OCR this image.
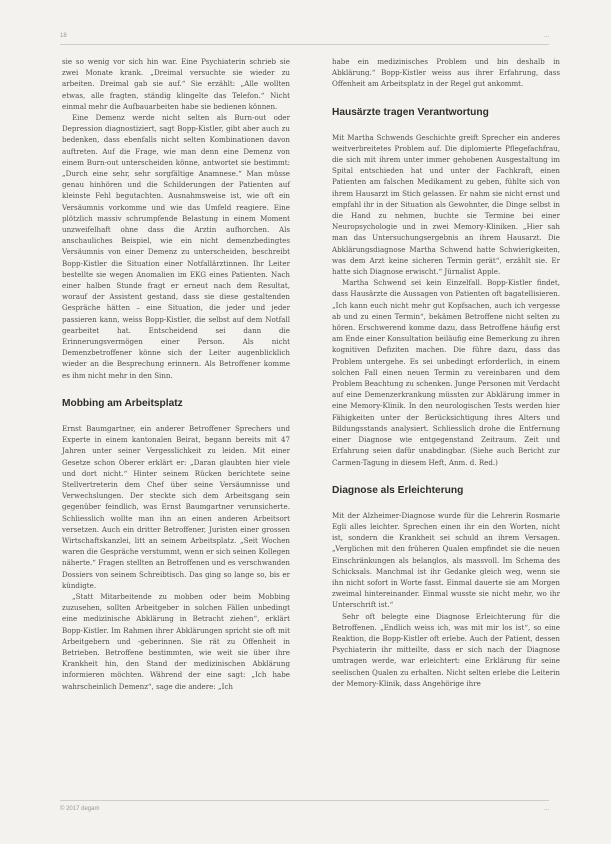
18	...

sie so wenig vor sich hin war. Eine Psychiaterin schrieb sie zwei Monate krank. „Dreimal versuchte sie wieder zu arbeiten. Dreimal gab sie auf.“ Sie erzählt: „Alle wollten etwas, alle fragten, ständig klingelte das Telefon.“ Nicht einmal mehr die Aufbauarbeiten habe sie bedienen können.

Eine Demenz werde nicht selten als Burn-out oder Depression diagnostiziert, sagt Bopp-Kistler, gibt aber auch zu bedenken, dass ebenfalls nicht selten Kombinationen davon auftreten. Auf die Frage, wie man denn eine Demenz von einem Burn-out unterscheiden könne, antwortet sie bestimmt: „Durch eine sehr, sehr sorgfältige Anamnese.“ Man müsse genau hinhören und die Schilderungen der Patienten auf kleinste Fehl begutachten. Ausnahmsweise ist, wie oft ein Versäumnis vorkomme und wie das Umfeld reagiere. Eine plötzlich massiv schrumpfende Belastung in einem Moment unzweifelhaft ohne dass die Arztin aufhorchen. Als anschauliches Beispiel, wie ein nicht demenzbedingtes Versäumnis von einer Demenz zu unterscheiden, beschreibt Bopp-Kistler die Situation einer Notfallärztinnen. Ihr Leiter bestellte sie wegen Anomalien im EKG eines Patienten. Nach einer halben Stunde fragt er erneut nach dem Resultat, worauf der Assistent gestand, dass sie diese gestaltenden Gespräche hätten – eine Situation, die jeder und jeder passieren kann, weiss Bopp-Kistler, die selbst auf dem Notfall gearbeitet hat. Entscheidend sei dann die Erinnerungsvermögen einer Person. Als nicht Demenzbetroffener könne sich der Leiter augenblicklich wieder an die Besprechung erinnern. Als Betroffener komme es ihm nicht mehr in den Sinn.

Mobbing am Arbeitsplatz

Ernst Baumgartner, ein anderer Betroffener Sprechers und Experte in einem kantonalen Beirat, begann bereits mit 47 Jahren unter seiner Vergesslichkeit zu leiden. Mit einer Gesetze schon Oberer erklärt er: „Daran glaubten hier viele und dort nicht.“ Hinter seinem Rücken berichtete seine Stellvertreterin dem Chef über seine Versäumnisse und Verwechslungen. Der steckte sich dem Arbeitsgang sein gegenüber feindlich, was Ernst Baumgartner verunsicherte. Schliesslich wollte man ihn an einen anderen Arbeitsort versetzen. Auch ein dritter Betroffener, Juristen einer grossen Wirtschaftskanzlei, litt an seinem Arbeitsplatz. „Seit Wochen waren die Gespräche verstummt, wenn er sich seinen Kollegen näherte.“ Fragen stellten an Betroffenen und es verschwanden Dossiers von seinem Schreibtisch. Das ging so lange so, bis er kündigte.

„Statt Mitarbeitende zu mobben oder beim Mobbing zuzusehen, sollten Arbeitgeber in solchen Fällen unbedingt eine medizinische Abklärung in Betracht ziehen“, erklärt Bopp-Kistler. Im Rahmen ihrer Abklärungen spricht sie oft mit Arbeitgebern und -geberinnen. Sie rät zu Offenheit in Betrieben. Betroffene bestimmten, wie weit sie über ihre Krankheit hin, den Stand der medizinischen Abklärung informieren möchten. Während der eine sagt: „Ich habe wahrscheinlich Demenz“, sage die andere: „Ich

habe ein medizinisches Problem und bin deshalb in Abklärung.“ Bopp-Kistler weiss aus ihrer Erfahrung, dass Offenheit am Arbeitsplatz in der Regel gut ankommt.

Hausärzte tragen Verantwortung

Mit Martha Schwends Geschichte greift Sprecher ein anderes weitverbreitetes Problem auf. Die diplomierte Pflegefachfrau, die sich mit ihrem unter immer gehobenen Ausgestaltung im Spital entschieden hat und unter der Fachkraft, einen Patienten am falschen Medikament zu geben, fühlte sich von ihrem Hausarzt im Stich gelassen. Er nahm sie nicht ernst und empfahl ihr in der Situation als Gewohnter, die Dinge selbst in die Hand zu nehmen, buchte sie Termine bei einer Neuropsychologie und in zwei Memory-Kliniken. „Hier sah man das Untersuchungsergebnis an ihrem Hausarzt. Die Abklärungsdiagnose Martha Schwend hatte Schwierigkeiten, was dem Arzt keine sicheren Termin gerät“, erzählt sie. Er hatte sich Diagnose erwischt.“ Jürnalist Apple.

Martha Schwend sei kein Einzelfall. Bopp-Kistler findet, dass Hausärzte die Aussagen von Patienten oft bagatellisieren. „Ich kann euch nicht mehr gut Kopfsachen, auch ich vergesse ab und zu einen Termin“, bekämen Betroffene nicht selten zu hören. Erschwerend komme dazu, dass Betroffene häufig erst am Ende einer Konsultation beiläufig eine Bemerkung zu ihren kognitiven Defiziten machen. Die führe dazu, dass das Problem untergehe. Es sei unbedingt erforderlich, in einem solchen Fall einen neuen Termin zu vereinbaren und dem Problem Beachtung zu schenken. Junge Personen mit Verdacht auf eine Demenzerkrankung müssten zur Abklärung immer in eine Memory-Klinik. In den neurologischen Tests werden hier Fähigkeiten unter der Berücksichtigung ihres Alters und Bildungsstands analysiert. Schliesslich drohe die Entfernung einer Diagnose wie entgegenstand Zeitraum. Zeit und Erfahrung seien dafür unabdingbar. (Siehe auch Bericht zur Carmen-Tagung in diesem Heft, Anm. d. Red.)

Diagnose als Erleichterung

Mit der Alzheimer-Diagnose wurde für die Lehrerin Rosmarie Egli alles leichter. Sprechen einen ihr ein den Worten, nicht ist, sondern die Krankheit sei schuld an ihrem Versagen. „Verglichen mit den früheren Qualen empfindet sie die neuen Einschränkungen als belanglos, als massvoll. Im Schema des Schicksals. Manchmal ist ihr Gedanke gleich weg, wenn sie ihn nicht sofort in Worte fasst. Einmal dauerte sie am Morgen zweimal hintereinander. Einmal wusste sie nicht mehr, wo ihr Unterschrift ist.“

Sehr oft belegte eine Diagnose Erleichterung für die Betroffenen. „Endlich weiss ich, was mit mir los ist“, so eine Reaktion, die Bopp-Kistler oft erlebe. Auch der Patient, dessen Psychiaterin ihr mitteilte, dass er sich nach der Diagnose umtragen werde, war erleichtert: eine Erklärung für seine seelischen Qualen zu erhalten. Nicht selten erlebe die Leiterin der Memory-Klinik, dass Angehörige ihre

© 2017 degam	...
